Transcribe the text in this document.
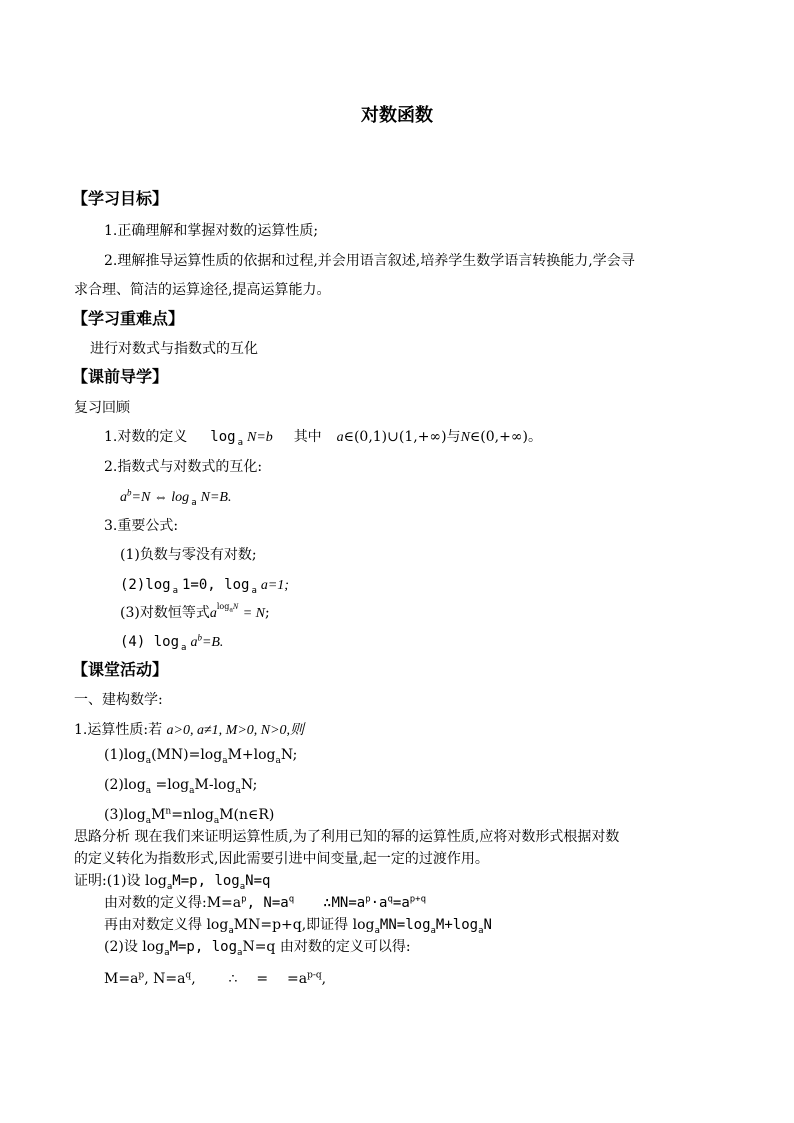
对数函数
【学习目标】
1.正确理解和掌握对数的运算性质;
2.理解推导运算性质的依据和过程,并会用语言叙述,培养学生数学语言转换能力,学会寻
求合理、简洁的运算途径,提高运算能力。
【学习重难点】
进行对数式与指数式的互化
【课前导学】
复习回顾
1.对数的定义 log $_a$ N=b 其中 a∈(0,1)∪(1,+∞)与N∈(0,+∞)。
2.指数式与对数式的互化:
$a^b=N$ ⇔ log $_a$ N=B.
3.重要公式:
(1)负数与零没有对数;
(2)log $_a$ 1=0, log $_a$ a=1;
(3)对数恒等式$a^{log_aN} = N$;
(4) log $_a$ $a^b=B$.
【课堂活动】
一、建构数学:
1.运算性质:若 a>0, a≠1, M>0, N>0,则
$(1)\log_a(MN)=\log_aM+\log_aN$;
$(2)\log_a =\log_aM-\log_aN$;
$(3)\log_aM^n=nlog_aM(n\in R)$
思路分析 现在我们来证明运算性质,为了利用已知的幂的运算性质,应将对数形式根据对数
的定义转化为指数形式,因此需要引进中间变量,起一定的过渡作用。
证明:(1)设 $\log_aM=p$, $\log_aN=q$
由对数的定义得$:M=a^p$, $N=a^q$ $\therefore MN=a^p\cdot a^q=a^{p+q}$
再由对数定义得 $\log_aMN=p+q$,即证得 $\log_aMN=\log_aM+\log_aN$
(2)设 $\log_aM=p$, $\log_aN=q$ 由对数的定义可以得:
$M=a^p$, $N=a^q$, ∴ = $=a^{p-q}$,
